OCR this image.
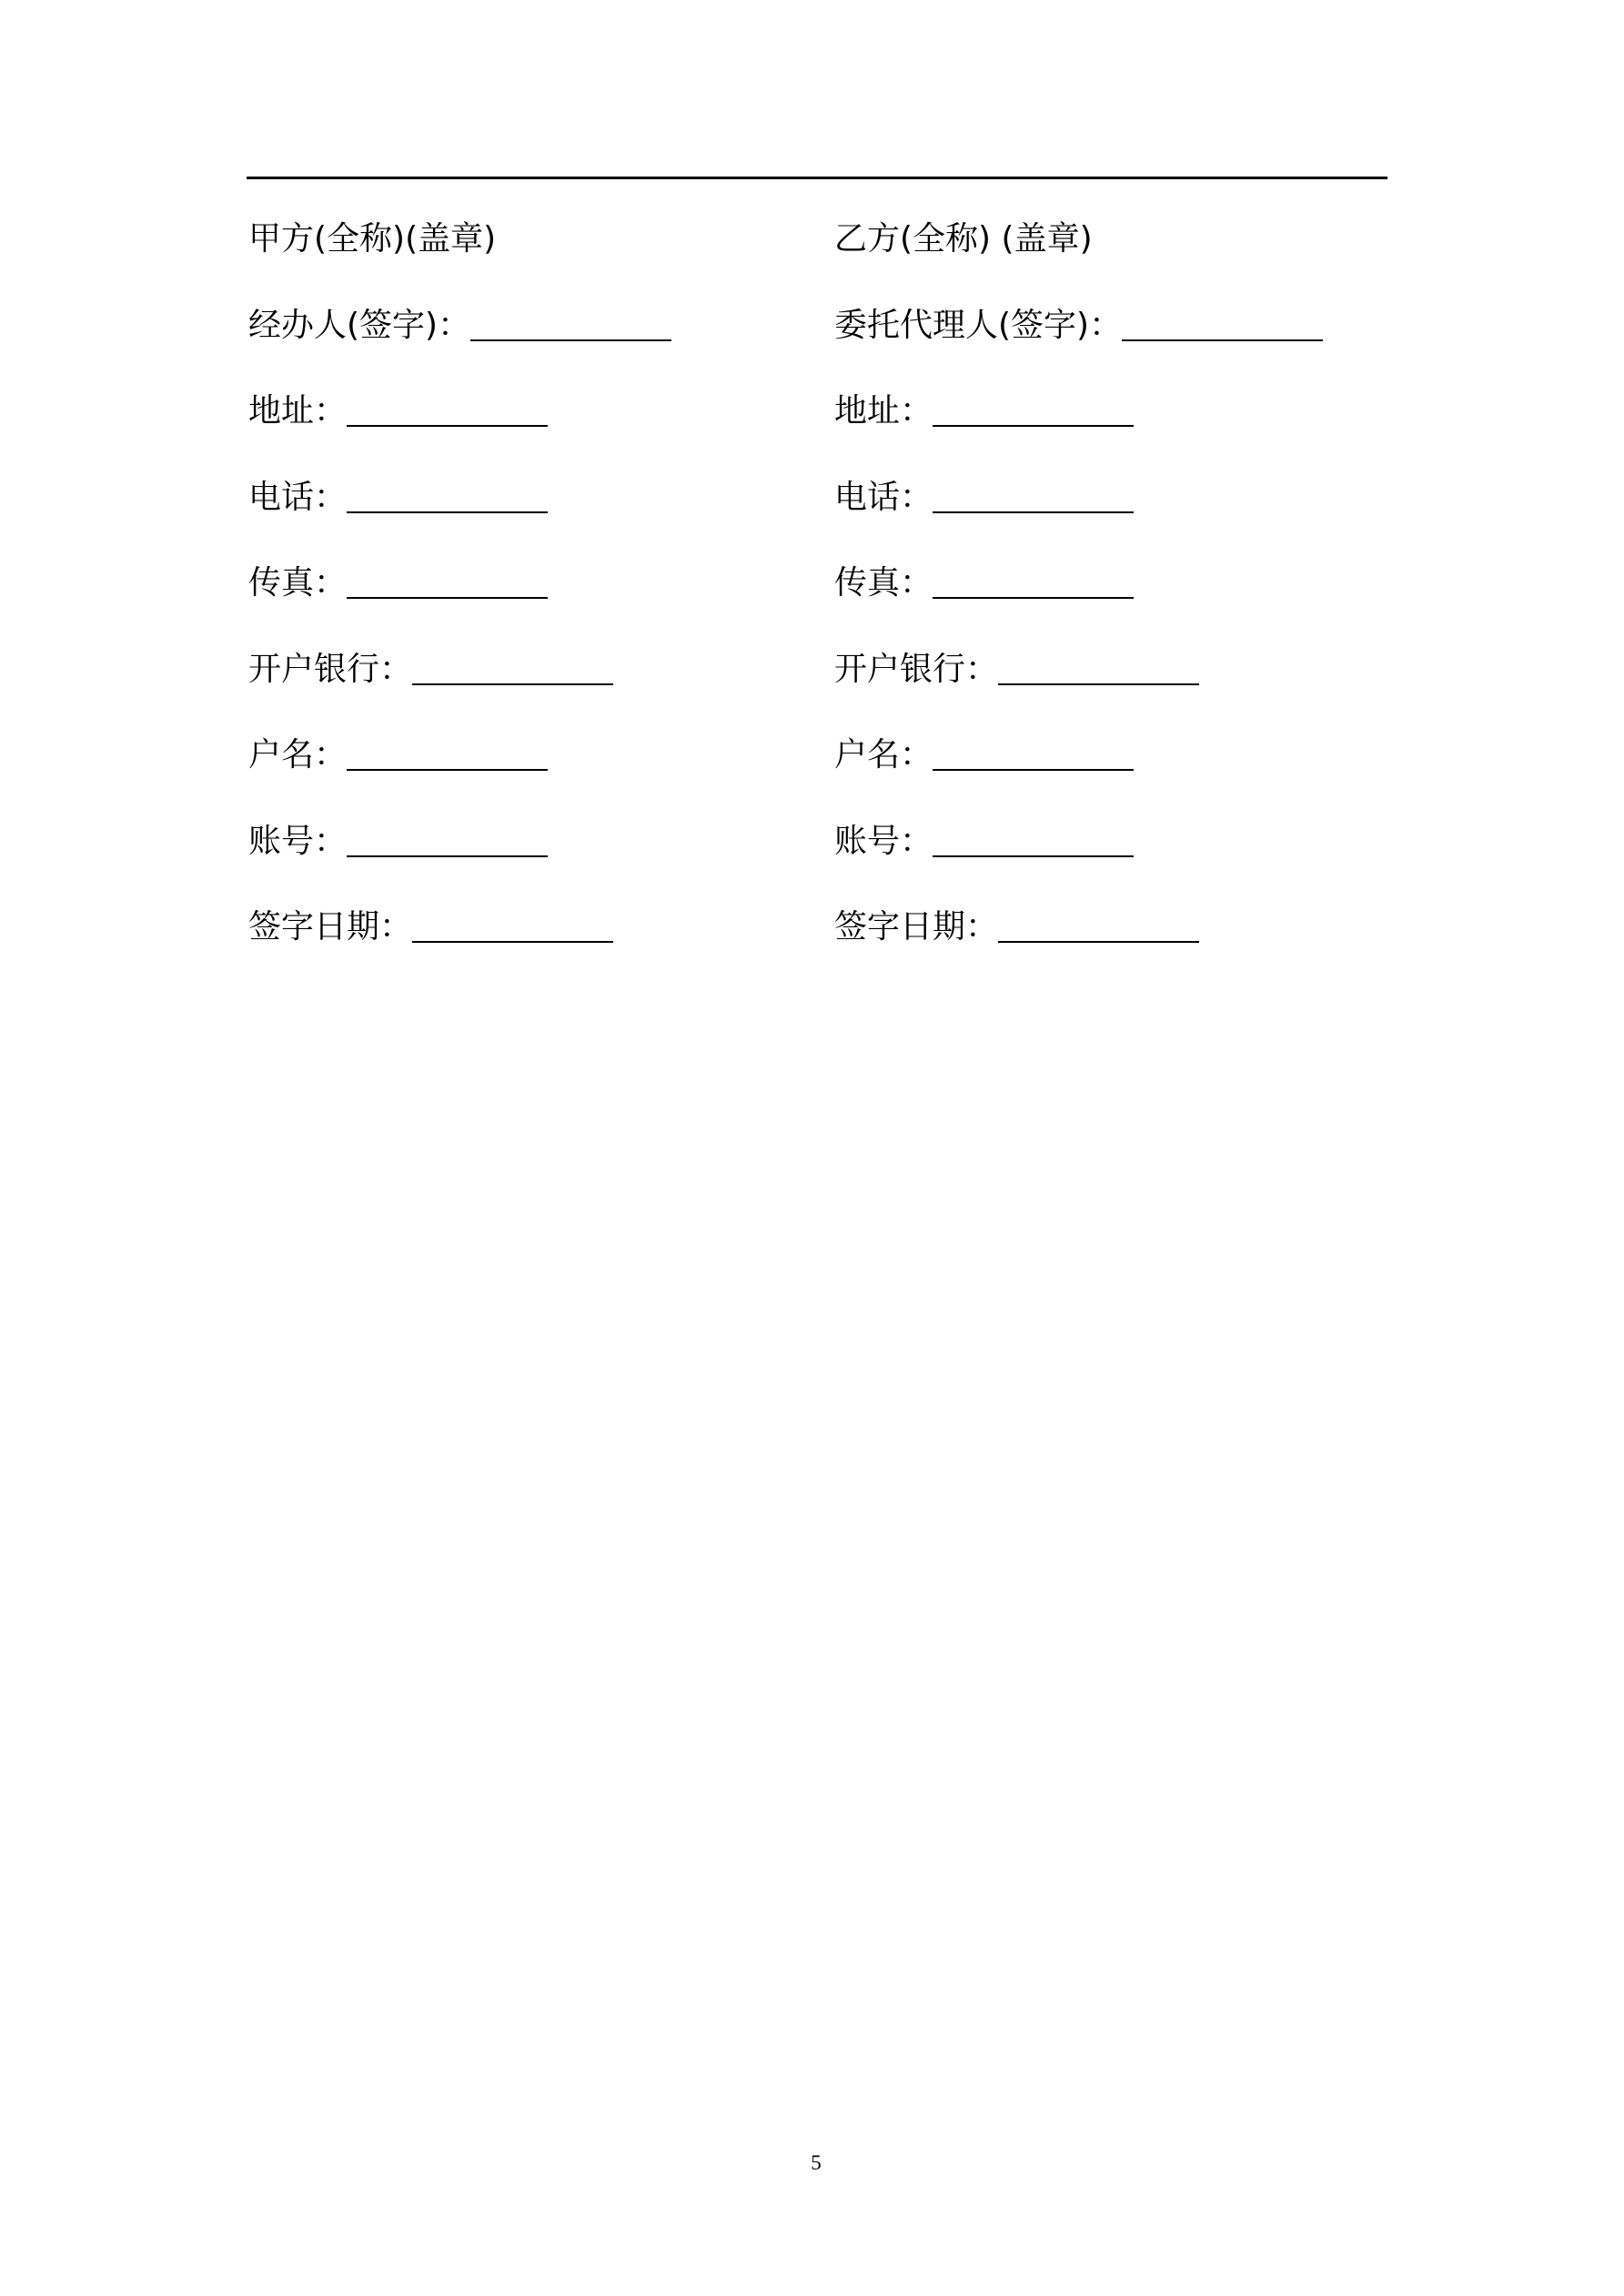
甲方(全称)(盖章)
经办人(签字)：
地址：
电话：
传真：
开户银行：
户名：
账号：
签字日期：
乙方(全称) (盖章)
委托代理人(签字)：
地址：
电话：
传真：
开户银行：
户名：
账号：
签字日期：
5
